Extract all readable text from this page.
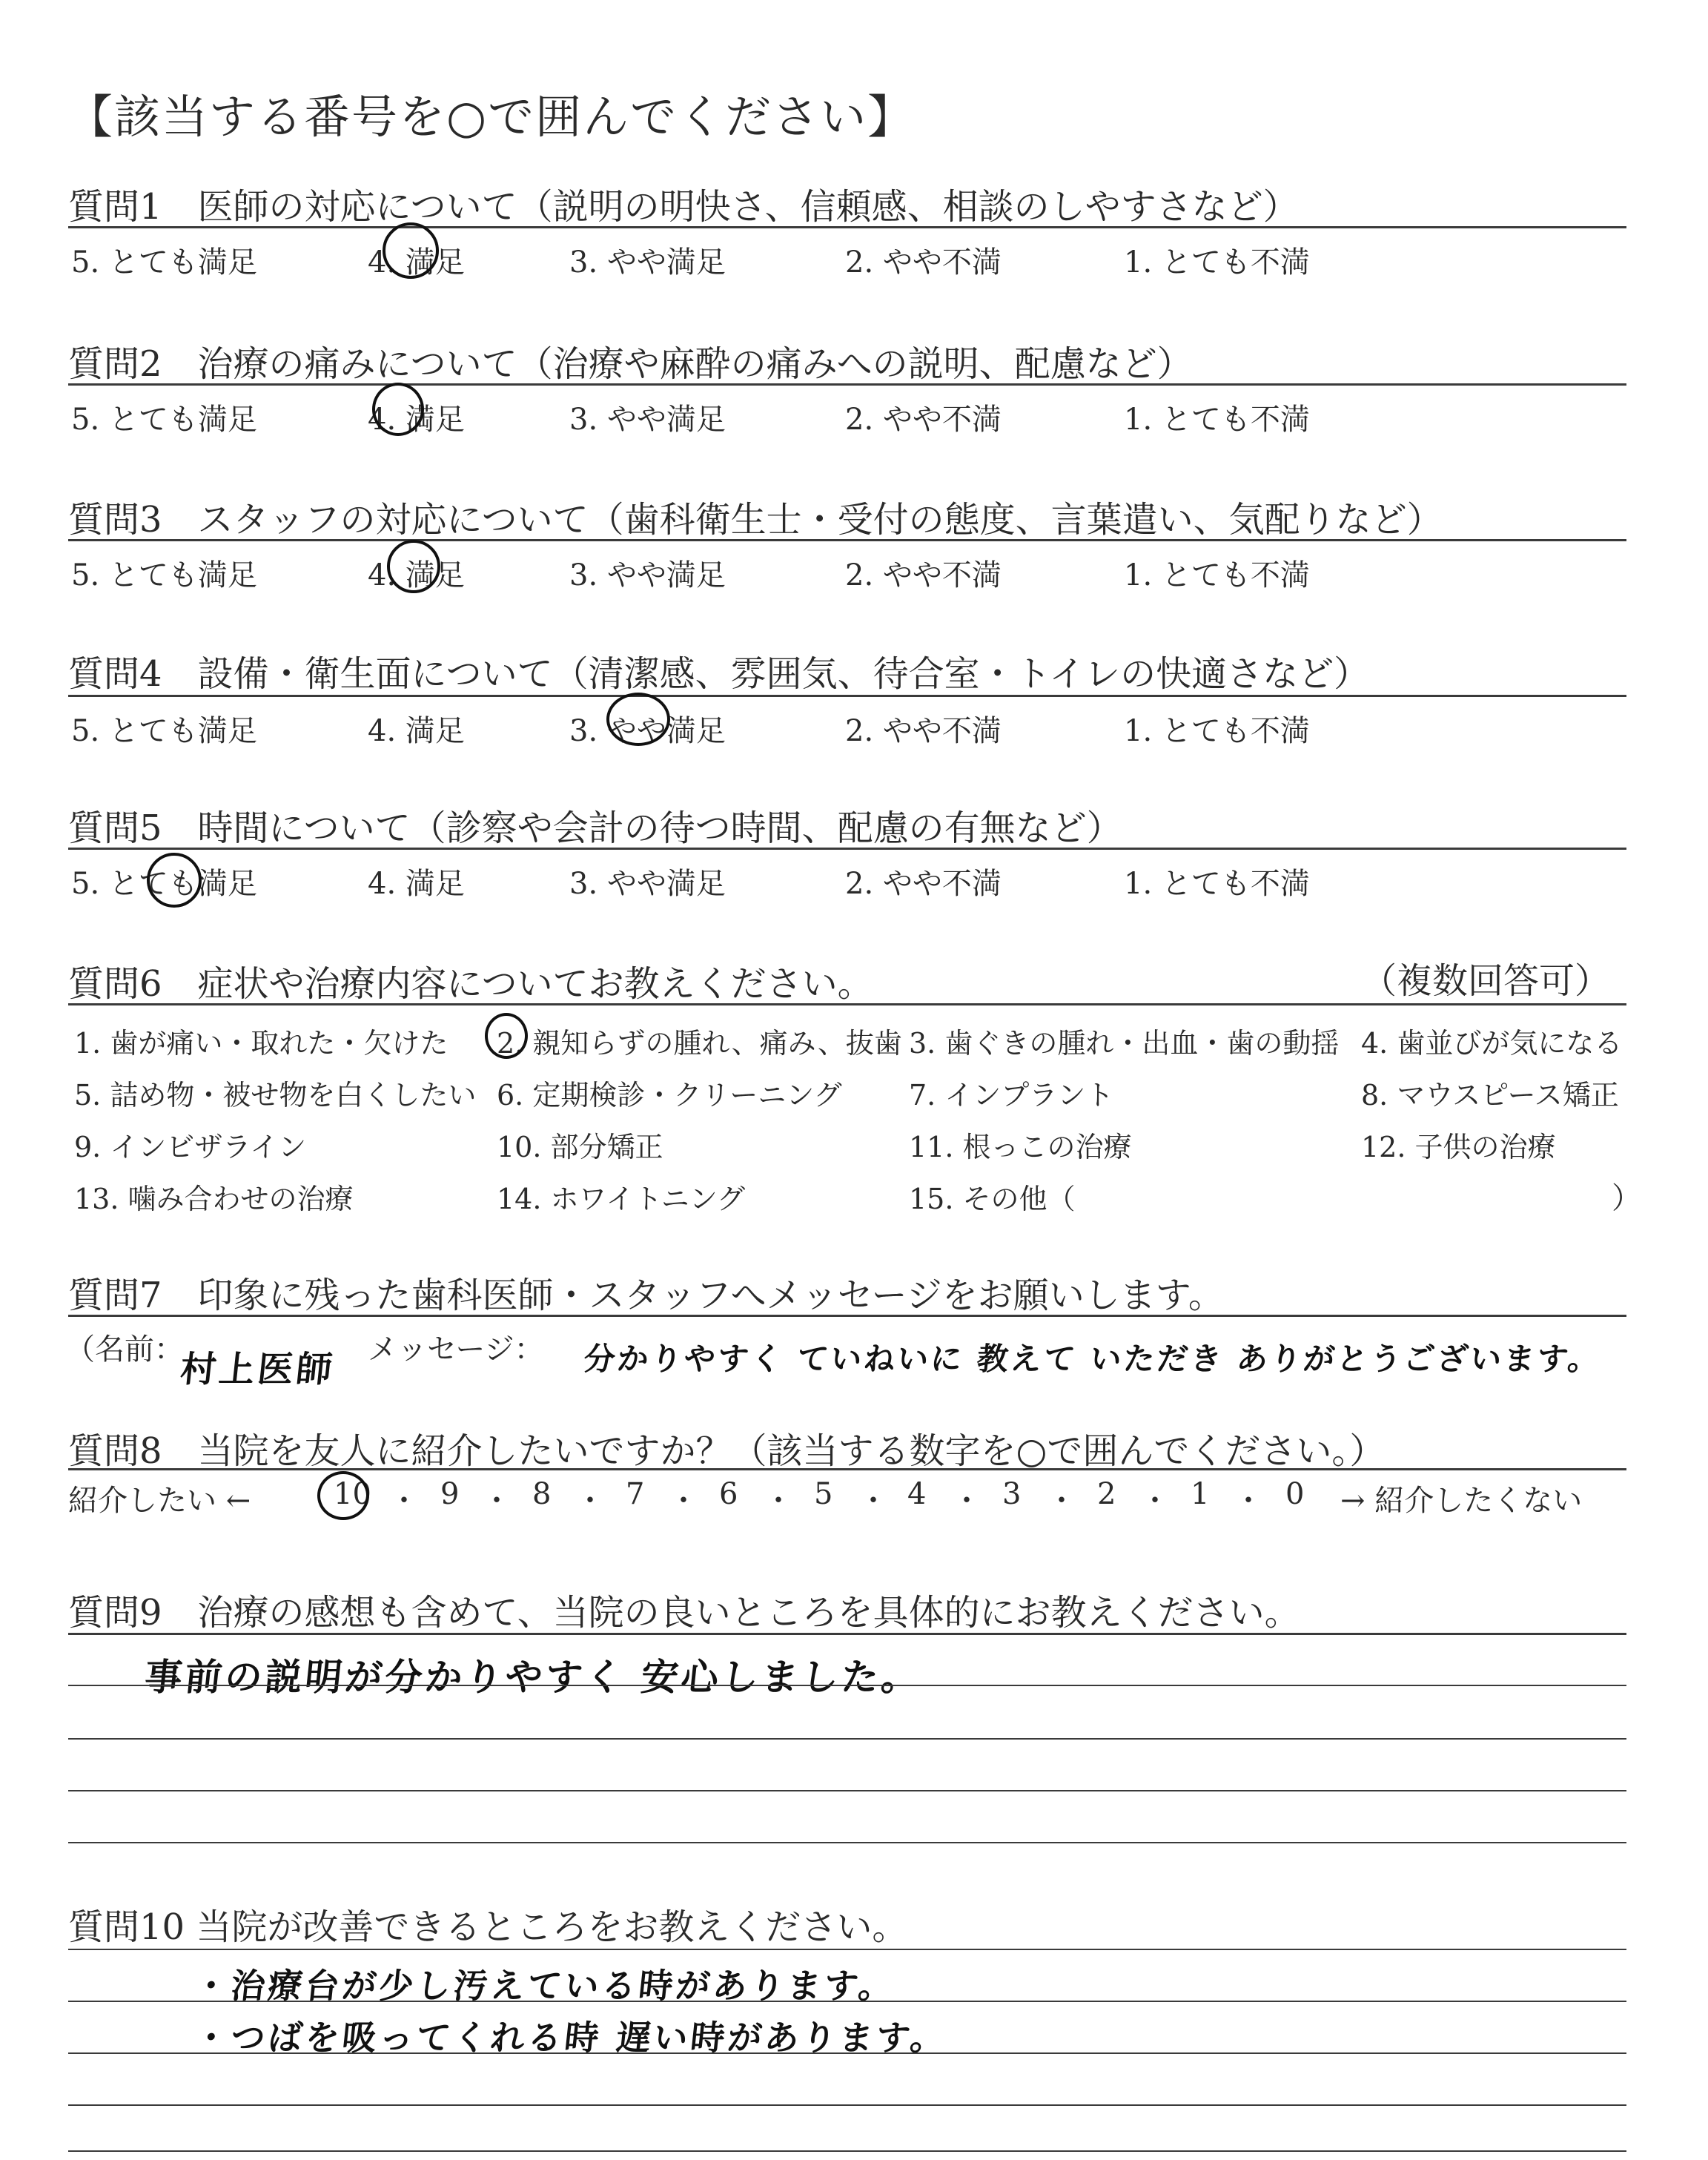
【該当する番号を○で囲んでください】
質問1　医師の対応について（説明の明快さ、信頼感、相談のしやすさなど）
5. とても満足	4. 満足	3. やや満足	2. やや不満	1. とても不満
質問2　治療の痛みについて（治療や麻酔の痛みへの説明、配慮など）
5. とても満足	4. 満足	3. やや満足	2. やや不満	1. とても不満
質問3　スタッフの対応について（歯科衛生士・受付の態度、言葉遣い、気配りなど）
5. とても満足	4. 満足	3. やや満足	2. やや不満	1. とても不満
質問4　設備・衛生面について（清潔感、雰囲気、待合室・トイレの快適さなど）
5. とても満足	4. 満足	3. やや満足	2. やや不満	1. とても不満
質問5　時間について（診察や会計の待つ時間、配慮の有無など）
5. とても満足	4. 満足	3. やや満足	2. やや不満	1. とても不満
質問6　症状や治療内容についてお教えください。	（複数回答可）
1. 歯が痛い・取れた・欠けた 2. 親知らずの腫れ、痛み、抜歯 3. 歯ぐきの腫れ・出血・歯の動揺 4. 歯並びが気になる
5. 詰め物・被せ物を白くしたい 6. 定期検診・クリーニング 7. インプラント	8. マウスピース矯正
9. インビザライン	10. 部分矯正	11. 根っこの治療	12. 子供の治療
13. 噛み合わせの治療	14. ホワイトニング	15. その他（	）
質問7　印象に残った歯科医師・スタッフへメッセージをお願いします。
（名前：
村上医師 メッセージ： 分かりやすく ていねいに 教えて いただき ありがとうございます。
質問8　当院を友人に紹介したいですか？（該当する数字を○で囲んでください。）
紹介したい ←	10 ・ 9 ・ 8 ・ 7 ・ 6 ・ 5 ・ 4 ・ 3 ・ 2 ・ 1 ・ 0 → 紹介したくない
質問9　治療の感想も含めて、当院の良いところを具体的にお教えください。
事前の説明が分かりやすく 安心しました。
質問10 当院が改善できるところをお教えください。
・治療台が少し汚えている時があります。
・つばを吸ってくれる時 遅い時があります。
